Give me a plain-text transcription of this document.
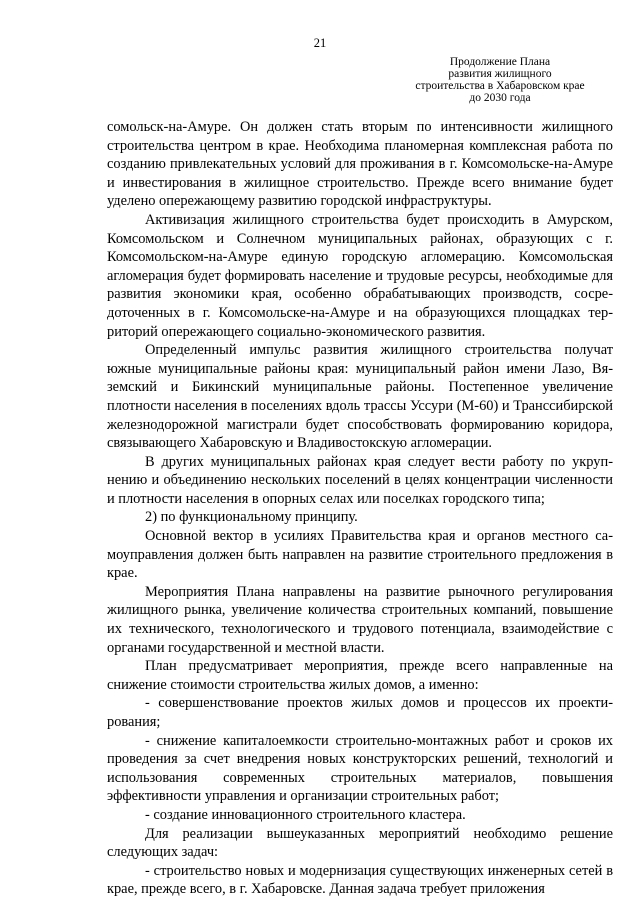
21
Продолжение Плана
развития жилищного
строительства в Хабаровском крае
до 2030 года

сомольск-на-Амуре. Он должен стать вторым по интенсивности жилищного строительства центром в крае. Необходима планомерная комплексная работа по созданию привлекательных условий для проживания в г. Комсомольске-на-Амуре и инвестирования в жилищное строительство. Прежде всего внимание будет уделено опережающему развитию городской инфраструктуры.

Активизация жилищного строительства будет происходить в Амурском, Комсомольском и Солнечном муниципальных районах, образующих с г. Комсомольском-на-Амуре единую городскую агломерацию. Комсомольская агломерация будет формировать население и трудовые ресурсы, необходимые для развития экономики края, особенно обрабатывающих производств, сосредоточенных в г. Комсомольске-на-Амуре и на образующихся площадках территорий опережающего социально-экономического развития.

Определенный импульс развития жилищного строительства получат южные муниципальные районы края: муниципальный район имени Лазо, Вяземский и Бикинский муниципальные районы. Постепенное увеличение плотности населения в поселениях вдоль трассы Уссури (М-60) и Транссибирской железнодорожной магистрали будет способствовать формированию коридора, связывающего Хабаровскую и Владивостокскую агломерации.

В других муниципальных районах края следует вести работу по укрупнению и объединению нескольких поселений в целях концентрации численности и плотности населения в опорных селах или поселках городского типа;

2) по функциональному принципу.

Основной вектор в усилиях Правительства края и органов местного самоуправления должен быть направлен на развитие строительного предложения в крае.

Мероприятия Плана направлены на развитие рыночного регулирования жилищного рынка, увеличение количества строительных компаний, повышение их технического, технологического и трудового потенциала, взаимодействие с органами государственной и местной власти.

План предусматривает мероприятия, прежде всего направленные на снижение стоимости строительства жилых домов, а именно:

- совершенствование проектов жилых домов и процессов их проектирования;

- снижение капиталоемкости строительно-монтажных работ и сроков их проведения за счет внедрения новых конструкторских решений, технологий и использования современных строительных материалов, повышения эффективности управления и организации строительных работ;

- создание инновационного строительного кластера.

Для реализации вышеуказанных мероприятий необходимо решение следующих задач:

- строительство новых и модернизация существующих инженерных сетей в крае, прежде всего, в г. Хабаровске. Данная задача требует приложения
